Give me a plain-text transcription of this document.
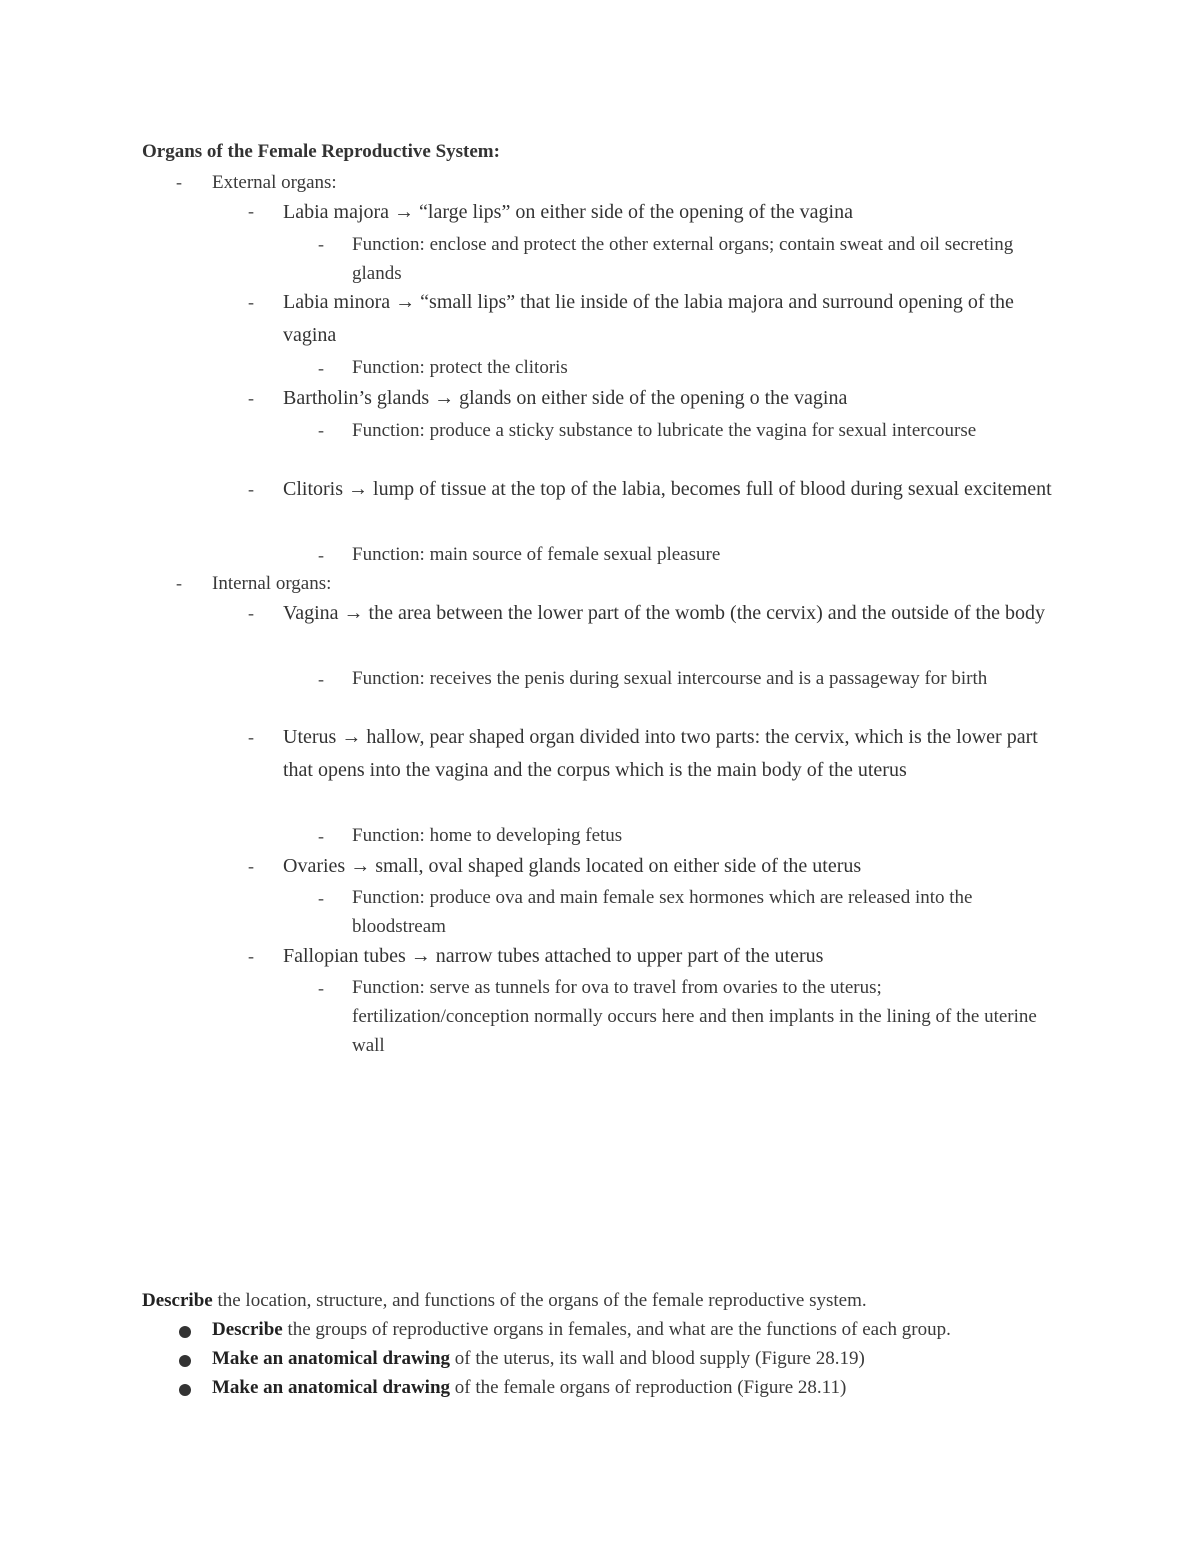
Organs of the Female Reproductive System:
- External organs:
- Labia majora → “large lips” on either side of the opening of the vagina
- Function: enclose and protect the other external organs; contain sweat and oil secreting glands
- Labia minora → “small lips” that lie inside of the labia majora and surround opening of the vagina
- Function: protect the clitoris
- Bartholin’s glands → glands on either side of the opening o the vagina
- Function: produce a sticky substance to lubricate the vagina for sexual intercourse
- Clitoris → lump of tissue at the top of the labia, becomes full of blood during sexual excitement
- Function: main source of female sexual pleasure
- Internal organs:
- Vagina → the area between the lower part of the womb (the cervix) and the outside of the body
- Function: receives the penis during sexual intercourse and is a passageway for birth
- Uterus → hallow, pear shaped organ divided into two parts: the cervix, which is the lower part that opens into the vagina and the corpus which is the main body of the uterus
- Function: home to developing fetus
- Ovaries → small, oval shaped glands located on either side of the uterus
- Function: produce ova and main female sex hormones which are released into the bloodstream
- Fallopian tubes → narrow tubes attached to upper part of the uterus
- Function: serve as tunnels for ova to travel from ovaries to the uterus; fertilization/conception normally occurs here and then implants in the lining of the uterine wall
Describe the location, structure, and functions of the organs of the female reproductive system.
Describe the groups of reproductive organs in females, and what are the functions of each group.
Make an anatomical drawing of the uterus, its wall and blood supply (Figure 28.19)
Make an anatomical drawing of the female organs of reproduction (Figure 28.11)
